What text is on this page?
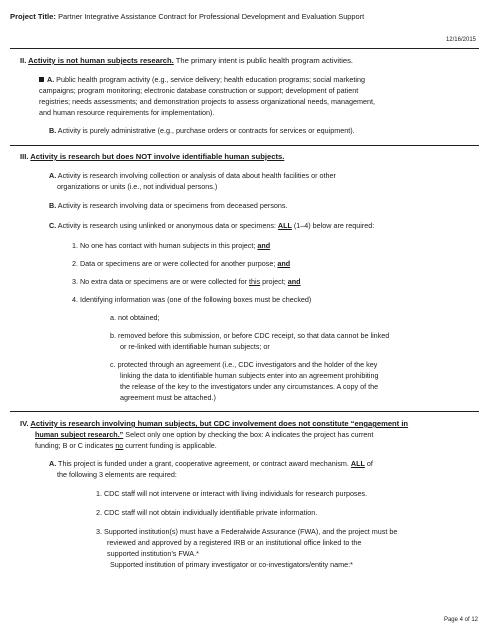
Project Title: Partner Integrative Assistance Contract for Professional Development and Evaluation Support
12/16/2015
II. Activity is not human subjects research. The primary intent is public health program activities.
A. Public health program activity (e.g., service delivery; health education programs; social marketing
campaigns; program monitoring; electronic database construction or support; development of patient
registries; needs assessments; and demonstration projects to assess organizational needs, management,
and human resource requirements for implementation).
B. Activity is purely administrative (e.g., purchase orders or contracts for services or equipment).
III. Activity is research but does NOT involve identifiable human subjects.
A. Activity is research involving collection or analysis of data about health facilities or other
organizations or units (i.e., not individual persons.)
B. Activity is research involving data or specimens from deceased persons.
C. Activity is research using unlinked or anonymous data or specimens: ALL (1–4) below are required:
1. No one has contact with human subjects in this project; and
2. Data or specimens are or were collected for another purpose; and
3. No extra data or specimens are or were collected for this project; and
4. Identifying information was (one of the following boxes must be checked)
a. not obtained;
b. removed before this submission, or before CDC receipt, so that data cannot be linked
or re-linked with identifiable human subjects; or
c. protected through an agreement (i.e., CDC investigators and the holder of the key
linking the data to identifiable human subjects enter into an agreement prohibiting
the release of the key to the investigators under any circumstances. A copy of the
agreement must be attached.)
IV. Activity is research involving human subjects, but CDC involvement does not constitute “engagement in
human subject research.” Select only one option by checking the box: A indicates the project has current
funding; B or C indicates no current funding is applicable.
A. This project is funded under a grant, cooperative agreement, or contract award mechanism. ALL of
the following 3 elements are required:
1. CDC staff will not intervene or interact with living individuals for research purposes.
2. CDC staff will not obtain individually identifiable private information.
3. Supported institution(s) must have a Federalwide Assurance (FWA), and the project must be
reviewed and approved by a registered IRB or an institutional office linked to the
supported institution’s FWA.*
Supported institution of primary investigator or co-investigators/entity name:*
Page 4 of 12
